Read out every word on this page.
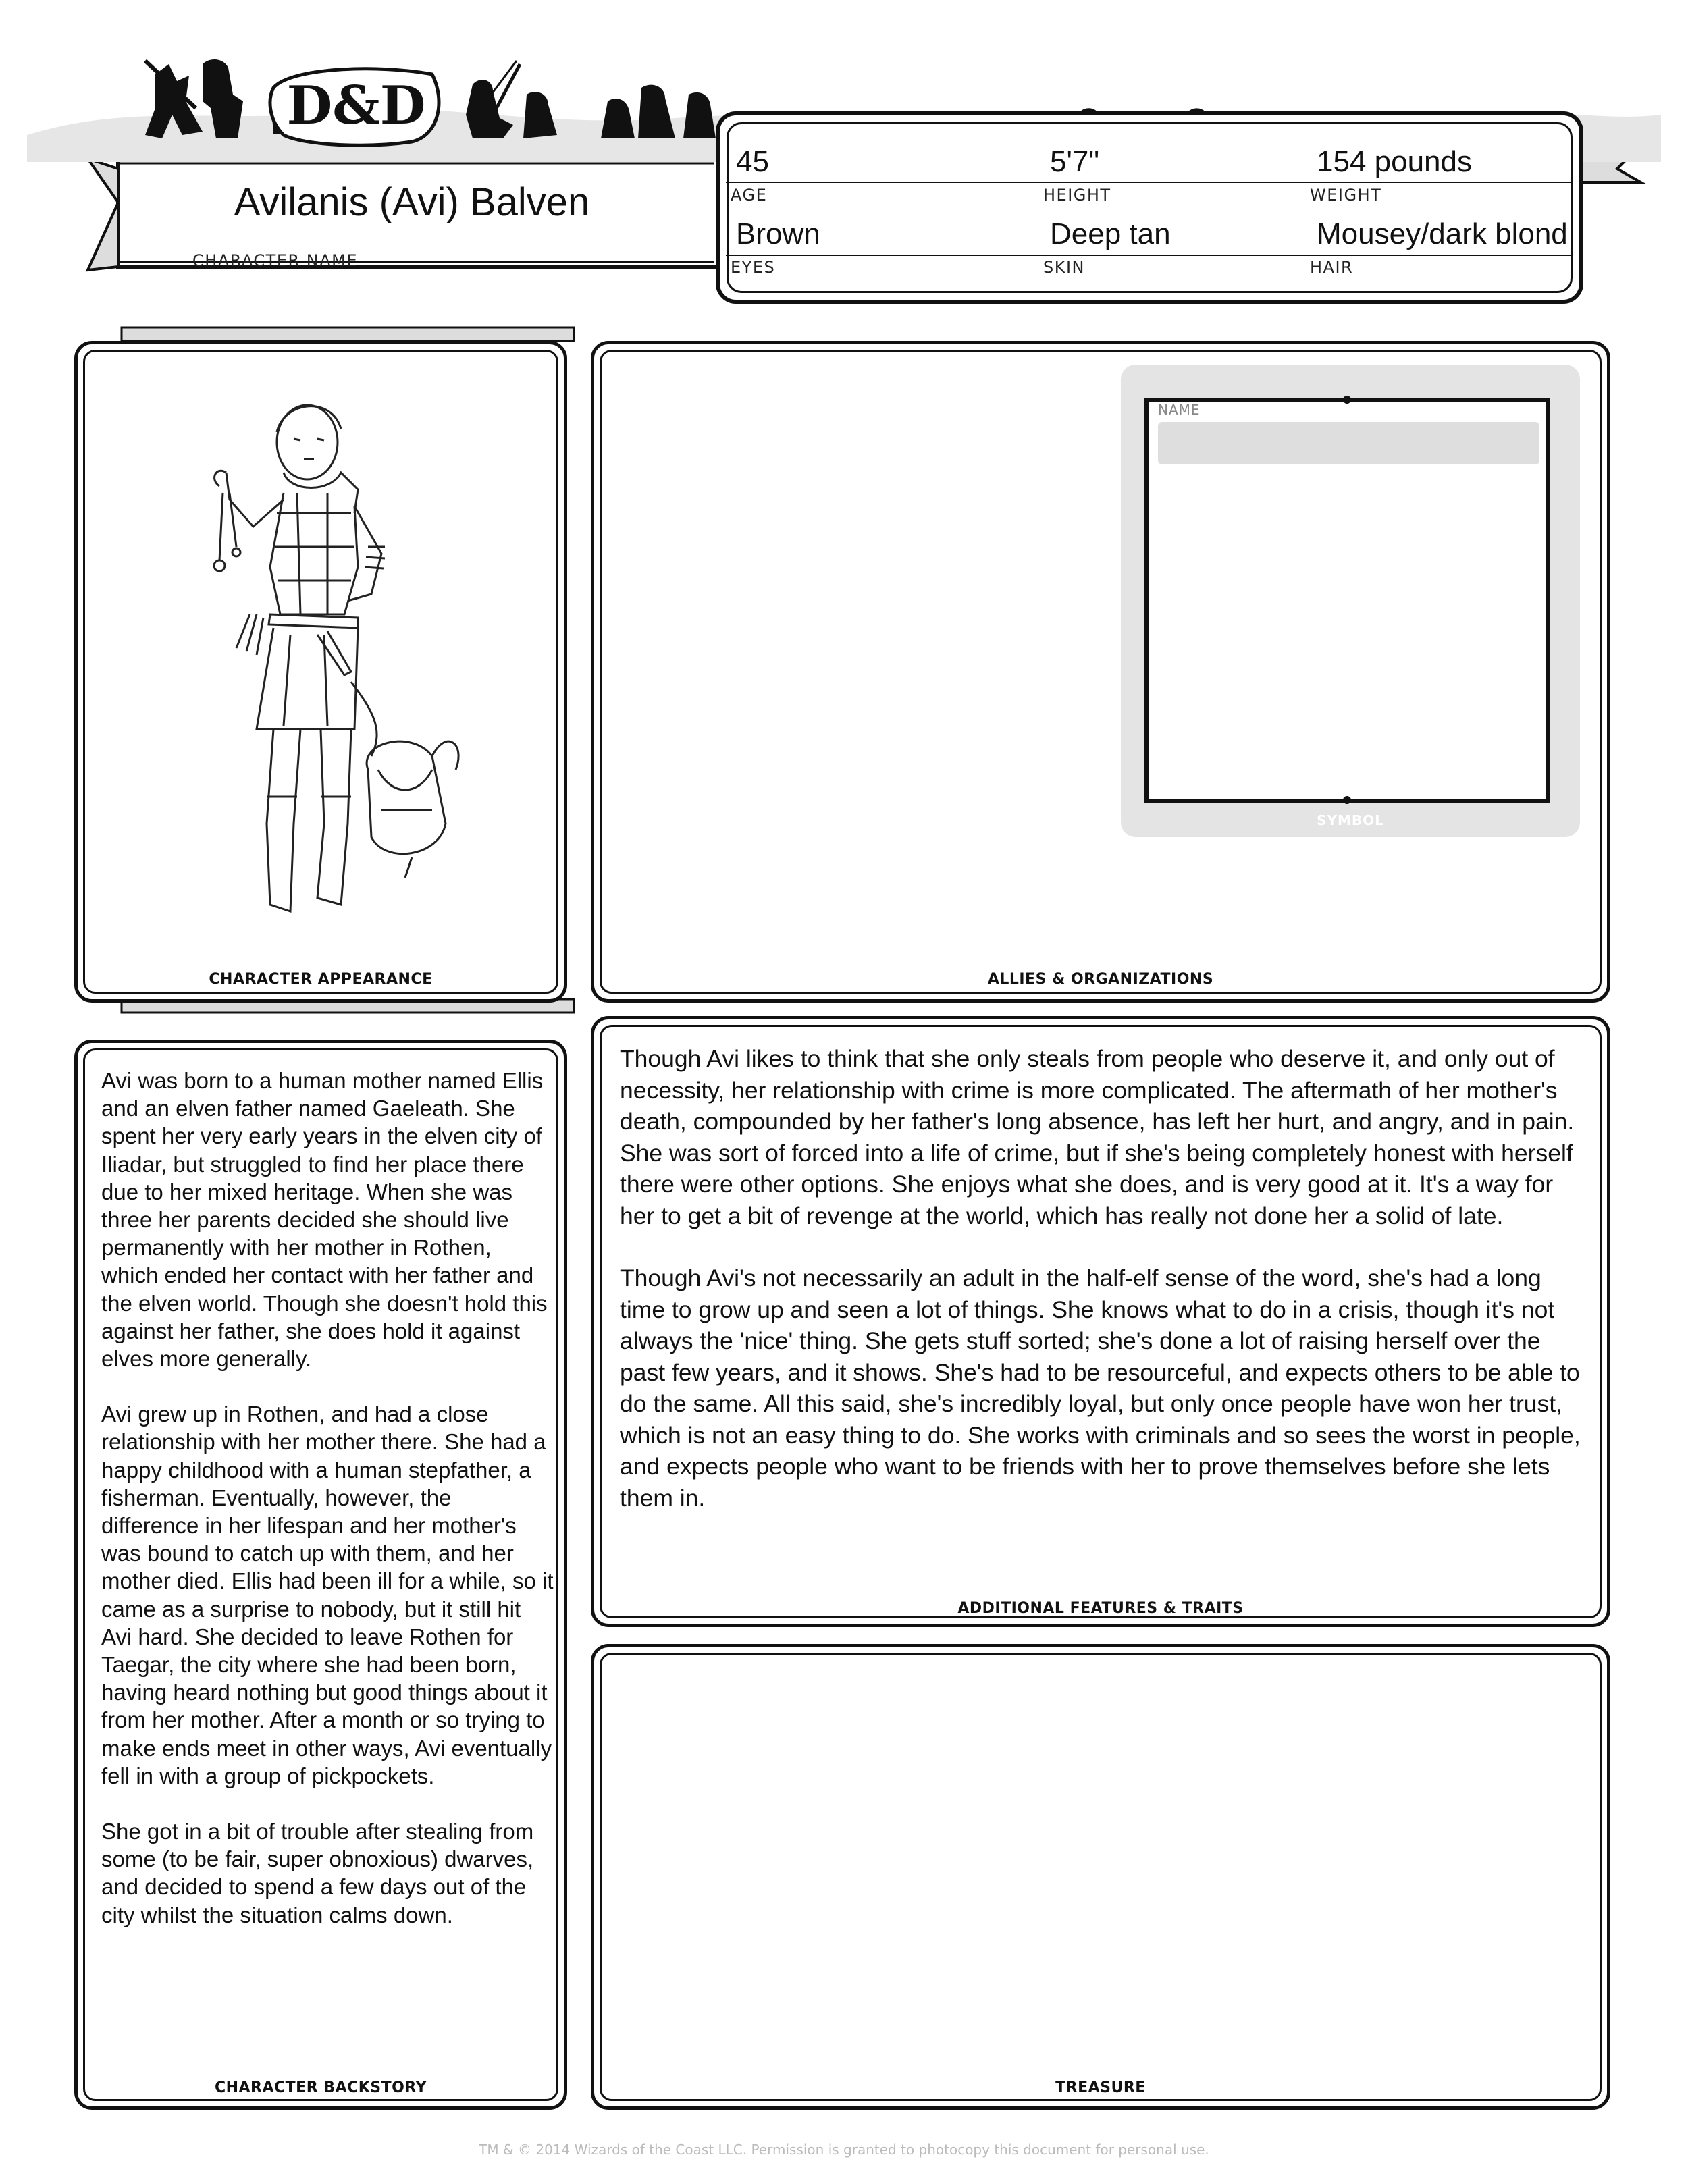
D&D
Avilanis (Avi) Balven
CHARACTER NAME
45
AGE
5'7"
HEIGHT
154 pounds
WEIGHT
Brown
EYES
Deep tan
SKIN
Mousey/dark blond
HAIR
CHARACTER APPEARANCE
NAME
SYMBOL
ALLIES & ORGANIZATIONS

Avi was born to a human mother named Ellis and an elven father named Gaeleath. She spent her very early years in the elven city of Iliadar, but struggled to find her place there due to her mixed heritage. When she was three her parents decided she should live permanently with her mother in Rothen, which ended her contact with her father and the elven world. Though she doesn't hold this against her father, she does hold it against elves more generally.

Avi grew up in Rothen, and had a close relationship with her mother there. She had a happy childhood with a human stepfather, a fisherman. Eventually, however, the difference in her lifespan and her mother's was bound to catch up with them, and her mother died. Ellis had been ill for a while, so it came as a surprise to nobody, but it still hit Avi hard. She decided to leave Rothen for Taegar, the city where she had been born, having heard nothing but good things about it from her mother. After a month or so trying to make ends meet in other ways, Avi eventually fell in with a group of pickpockets.

She got in a bit of trouble after stealing from some (to be fair, super obnoxious) dwarves, and decided to spend a few days out of the city whilst the situation calms down.

CHARACTER BACKSTORY

Though Avi likes to think that she only steals from people who deserve it, and only out of necessity, her relationship with crime is more complicated. The aftermath of her mother's death, compounded by her father's long absence, has left her hurt, and angry, and in pain. She was sort of forced into a life of crime, but if she's being completely honest with herself there were other options. She enjoys what she does, and is very good at it. It's a way for her to get a bit of revenge at the world, which has really not done her a solid of late.

Though Avi's not necessarily an adult in the half-elf sense of the word, she's had a long time to grow up and seen a lot of things. She knows what to do in a crisis, though it's not always the 'nice' thing. She gets stuff sorted; she's done a lot of raising herself over the past few years, and it shows. She's had to be resourceful, and expects others to be able to do the same. All this said, she's incredibly loyal, but only once people have won her trust, which is not an easy thing to do. She works with criminals and so sees the worst in people, and expects people who want to be friends with her to prove themselves before she lets them in.

ADDITIONAL FEATURES & TRAITS
TREASURE
TM & © 2014 Wizards of the Coast LLC. Permission is granted to photocopy this document for personal use.
